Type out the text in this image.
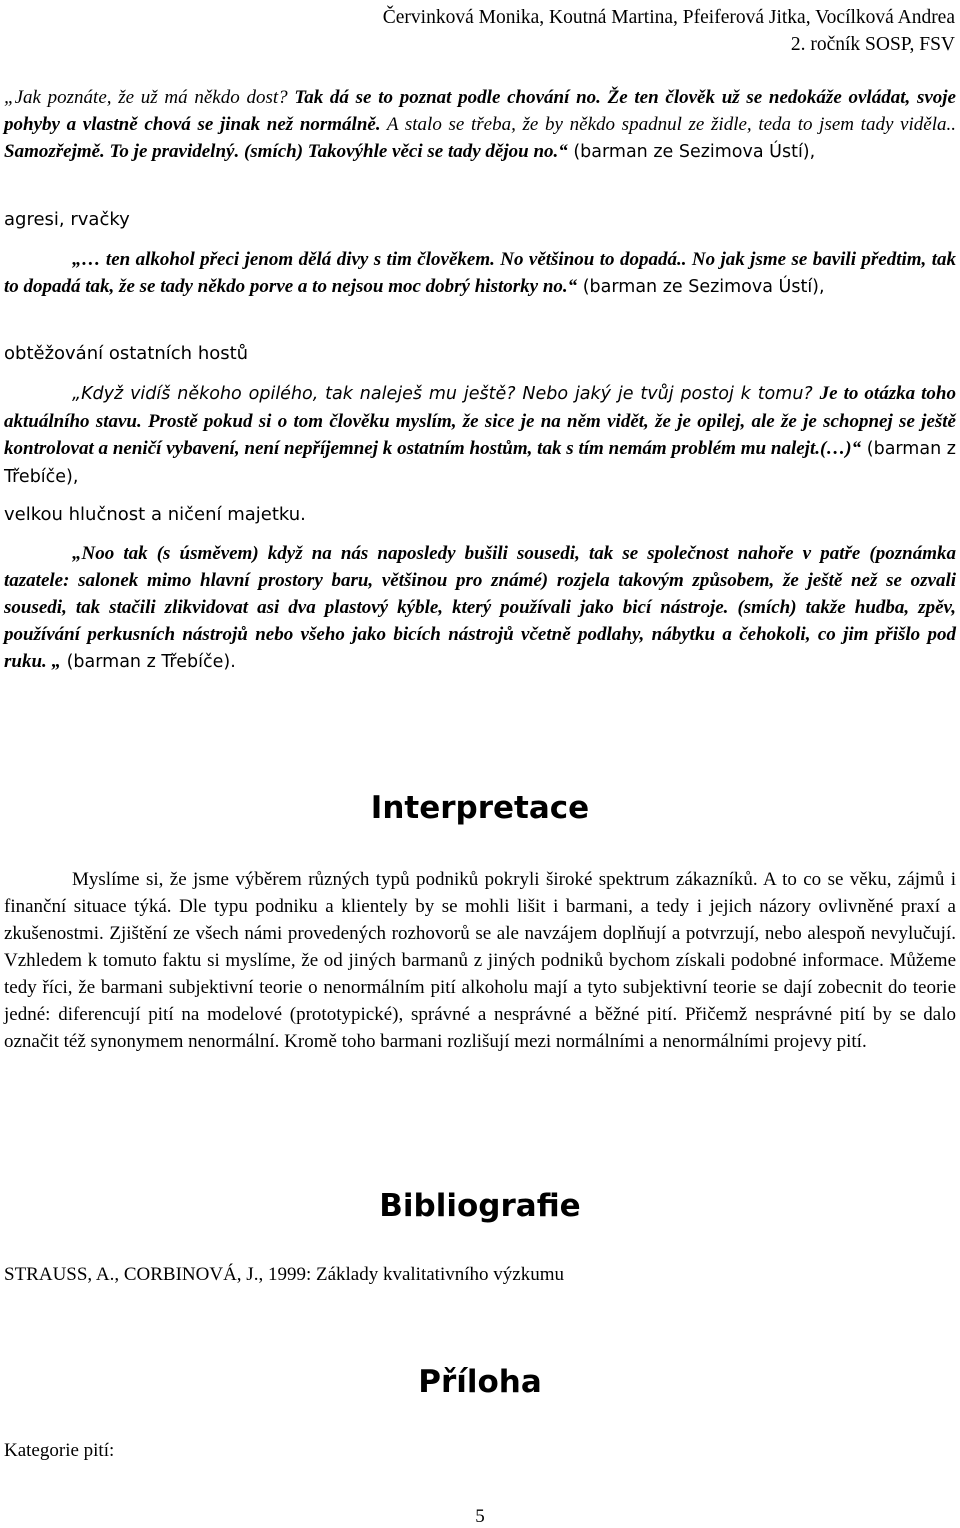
Červinková Monika, Koutná Martina, Pfeiferová Jitka, Vocílková Andrea
2. ročník SOSP, FSV

„Jak poznáte, že už má někdo dost? Tak dá se to poznat podle chování no. Že ten člověk už se nedokáže ovládat, svoje pohyby a vlastně chová se jinak než normálně. A stalo se třeba, že by někdo spadnul ze židle, teda to jsem tady viděla.. Samozřejmě. To je pravidelný. (smích) Takovýhle věci se tady dějou no.“ (barman ze Sezimova Ústí),

agresi, rvačky

„… ten alkohol přeci jenom dělá divy s tim člověkem. No většinou to dopadá.. No jak jsme se bavili předtim, tak to dopadá tak, že se tady někdo porve a to nejsou moc dobrý historky no.“ (barman ze Sezimova Ústí),

obtěžování ostatních hostů

„Když vidíš někoho opilého, tak naleješ mu ještě? Nebo jaký je tvůj postoj k tomu? Je to otázka toho aktuálního stavu. Prostě pokud si o tom člověku myslím, že sice je na něm vidět, že je opilej, ale že je schopnej se ještě kontrolovat a neničí vybavení, není nepříjemnej k ostatním hostům, tak s tím nemám problém mu nalejt.(…)“ (barman z Třebíče),

velkou hlučnost a ničení majetku.

„Noo tak (s úsměvem) když na nás naposledy bušili sousedi, tak se společnost nahoře v patře (poznámka tazatele: salonek mimo hlavní prostory baru, většinou pro známé) rozjela takovým způsobem, že ještě než se ozvali sousedi, tak stačili zlikvidovat asi dva plastový kýble, který používali jako bicí nástroje. (smích) takže hudba, zpěv, používání perkusních nástrojů nebo všeho jako bicích nástrojů včetně podlahy, nábytku a čehokoli, co jim přišlo pod ruku. „ (barman z Třebíče).

Interpretace

Myslíme si, že jsme výběrem různých typů podniků pokryli široké spektrum zákazníků. A to co se věku, zájmů i finanční situace týká. Dle typu podniku a klientely by se mohli lišit i barmani, a tedy i jejich názory ovlivněné praxí a zkušenostmi. Zjištění ze všech námi provedených rozhovorů se ale navzájem doplňují a potvrzují, nebo alespoň nevylučují. Vzhledem k tomuto faktu si myslíme, že od jiných barmanů z jiných podniků bychom získali podobné informace. Můžeme tedy říci, že barmani subjektivní teorie o nenormálním pití alkoholu mají a tyto subjektivní teorie se dají zobecnit do teorie jedné: diferencují pití na modelové (prototypické), správné a nesprávné a běžné pití. Přičemž nesprávné pití by se dalo označit též synonymem nenormální. Kromě toho barmani rozlišují mezi normálními a nenormálními projevy pití.

Bibliografie
STRAUSS, A., CORBINOVÁ, J., 1999: Základy kvalitativního výzkumu
Příloha
Kategorie pití:
5
